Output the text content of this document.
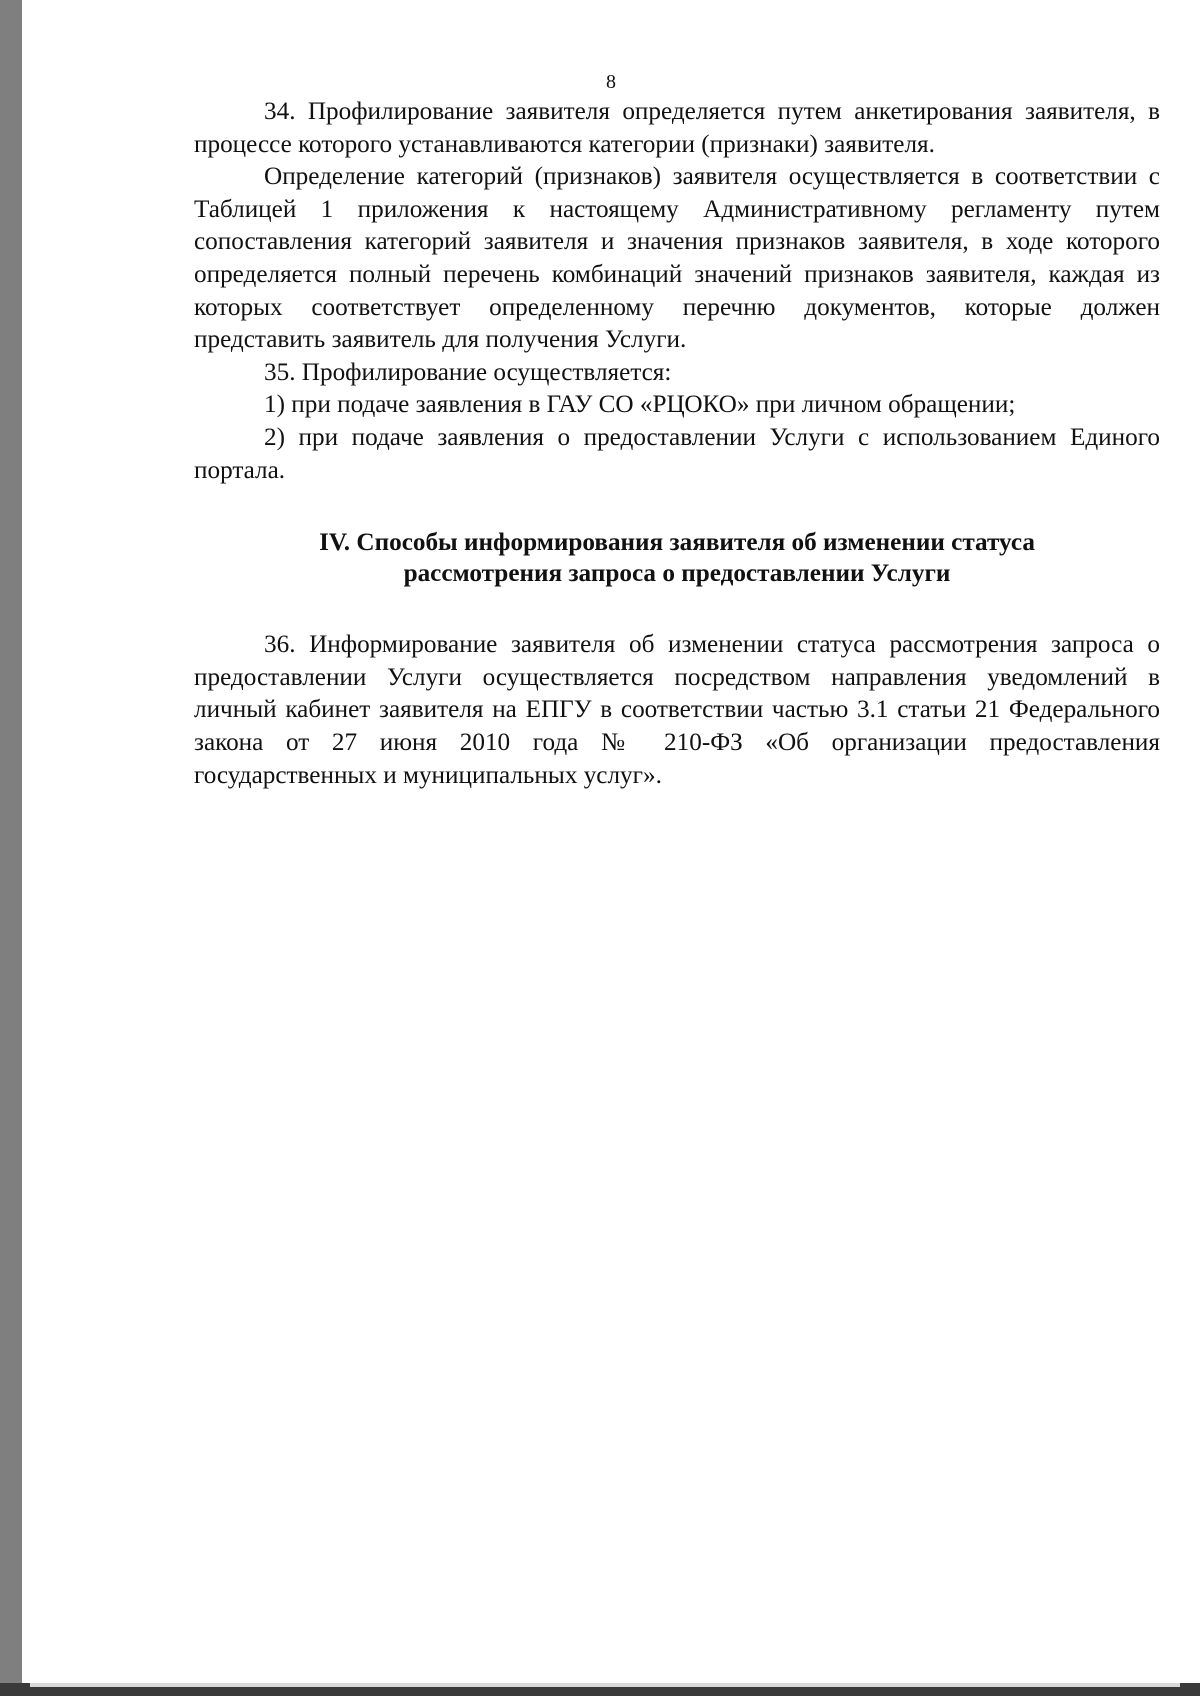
8

34. Профилирование заявителя определяется путем анкетирования заявителя, в процессе которого устанавливаются категории (признаки) заявителя.

Определение категорий (признаков) заявителя осуществляется в соответствии с Таблицей 1 приложения к настоящему Административному регламенту путем сопоставления категорий заявителя и значения признаков заявителя, в ходе которого определяется полный перечень комбинаций значений признаков заявителя, каждая из которых соответствует определенному перечню документов, которые должен представить заявитель для получения Услуги.

35. Профилирование осуществляется:

1) при подаче заявления в ГАУ СО «РЦОКО» при личном обращении;

2) при подаче заявления о предоставлении Услуги с использованием Единого портала.

IV. Способы информирования заявителя об изменении статуса
рассмотрения запроса о предоставлении Услуги

36. Информирование заявителя об изменении статуса рассмотрения запроса о предоставлении Услуги осуществляется посредством направления уведомлений в личный кабинет заявителя на ЕПГУ в соответствии частью 3.1 статьи 21 Федерального закона от 27 июня 2010 года № 210-ФЗ «Об организации предоставления государственных и муниципальных услуг».
